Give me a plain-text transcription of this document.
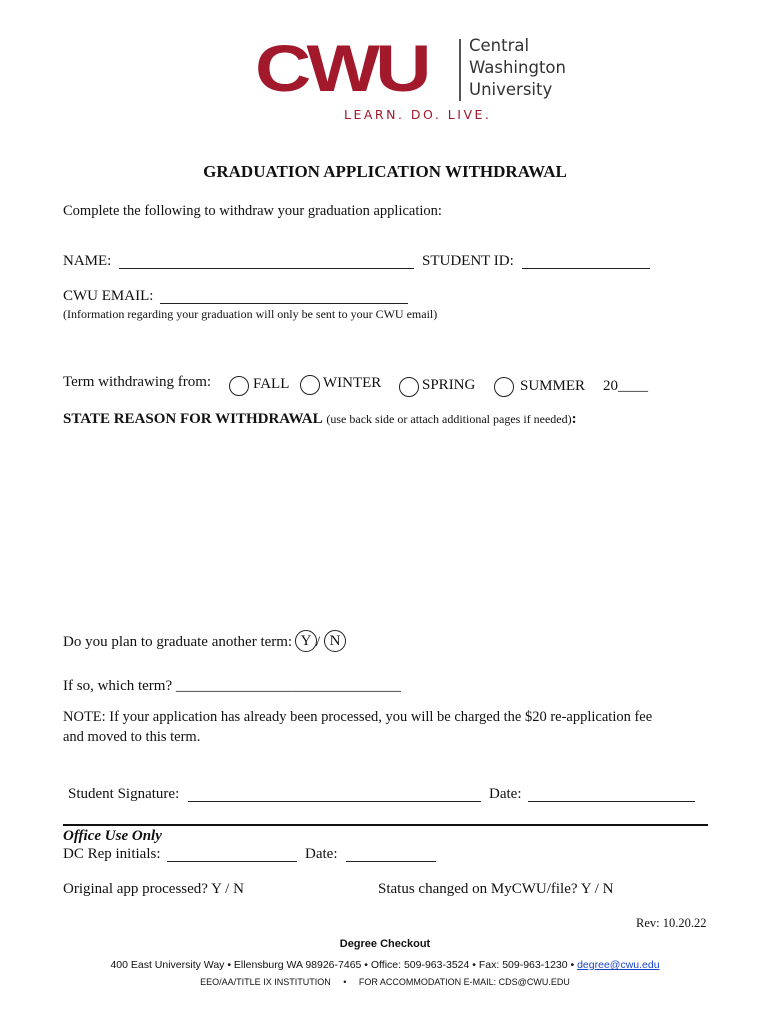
CWU	Central
Washington
University
LEARN. DO. LIVE.
GRADUATION APPLICATION WITHDRAWAL
Complete the following to withdraw your graduation application:
NAME:	STUDENT ID:
CWU EMAIL:
(Information regarding your graduation will only be sent to your CWU email)
Term withdrawing from:	FALL WINTER	SPRING	SUMMER 20____
STATE REASON FOR WITHDRAWAL (use back side or attach additional pages if needed):
Do you plan to graduate another term: Y / N
If so, which term? ______________________________
NOTE: If your application has already been processed, you will be charged the $20 re-application fee
and moved to this term.
Student Signature:	Date:
Office Use Only
DC Rep initials:	Date:
Original app processed? Y / N	Status changed on MyCWU/file? Y / N
Rev: 10.20.22
Degree Checkout
400 East University Way • Ellensburg WA 98926-7465 • Office: 509-963-3524 • Fax: 509-963-1230 • degree@cwu.edu
EEO/AA/TITLE IX INSTITUTION     •     FOR ACCOMMODATION E-MAIL: CDS@CWU.EDU
